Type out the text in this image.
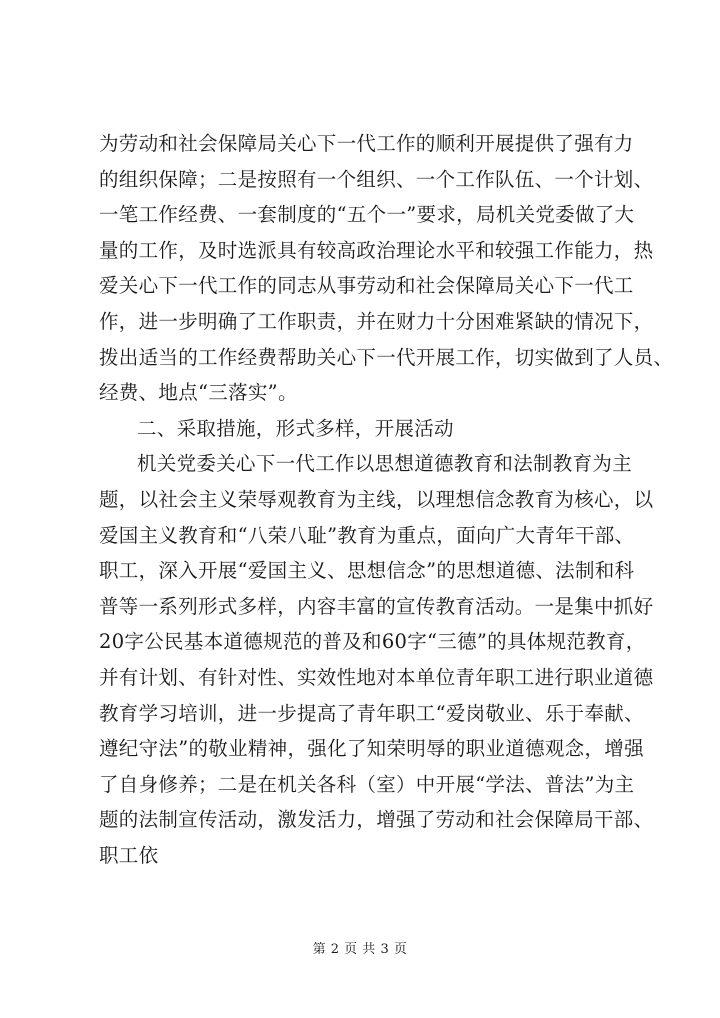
为劳动和社会保障局关心下一代工作的顺利开展提供了强有力
的组织保障；二是按照有一个组织、一个工作队伍、一个计划、
一笔工作经费、一套制度的“五个一”要求，局机关党委做了大
量的工作，及时选派具有较高政治理论水平和较强工作能力，热
爱关心下一代工作的同志从事劳动和社会保障局关心下一代工
作，进一步明确了工作职责，并在财力十分困难紧缺的情况下，
拨出适当的工作经费帮助关心下一代开展工作，切实做到了人员、
经费、地点“三落实”。
二、采取措施，形式多样，开展活动
机关党委关心下一代工作以思想道德教育和法制教育为主
题，以社会主义荣辱观教育为主线，以理想信念教育为核心，以
爱国主义教育和“八荣八耻”教育为重点，面向广大青年干部、
职工，深入开展“爱国主义、思想信念”的思想道德、法制和科
普等一系列形式多样，内容丰富的宣传教育活动。一是集中抓好
20字公民基本道德规范的普及和60字“三德”的具体规范教育，
并有计划、有针对性、实效性地对本单位青年职工进行职业道德
教育学习培训，进一步提高了青年职工“爱岗敬业、乐于奉献、
遵纪守法”的敬业精神，强化了知荣明辱的职业道德观念，增强
了自身修养；二是在机关各科（室）中开展“学法、普法”为主
题的法制宣传活动，激发活力，增强了劳动和社会保障局干部、
职工依
第 2 页 共 3 页
